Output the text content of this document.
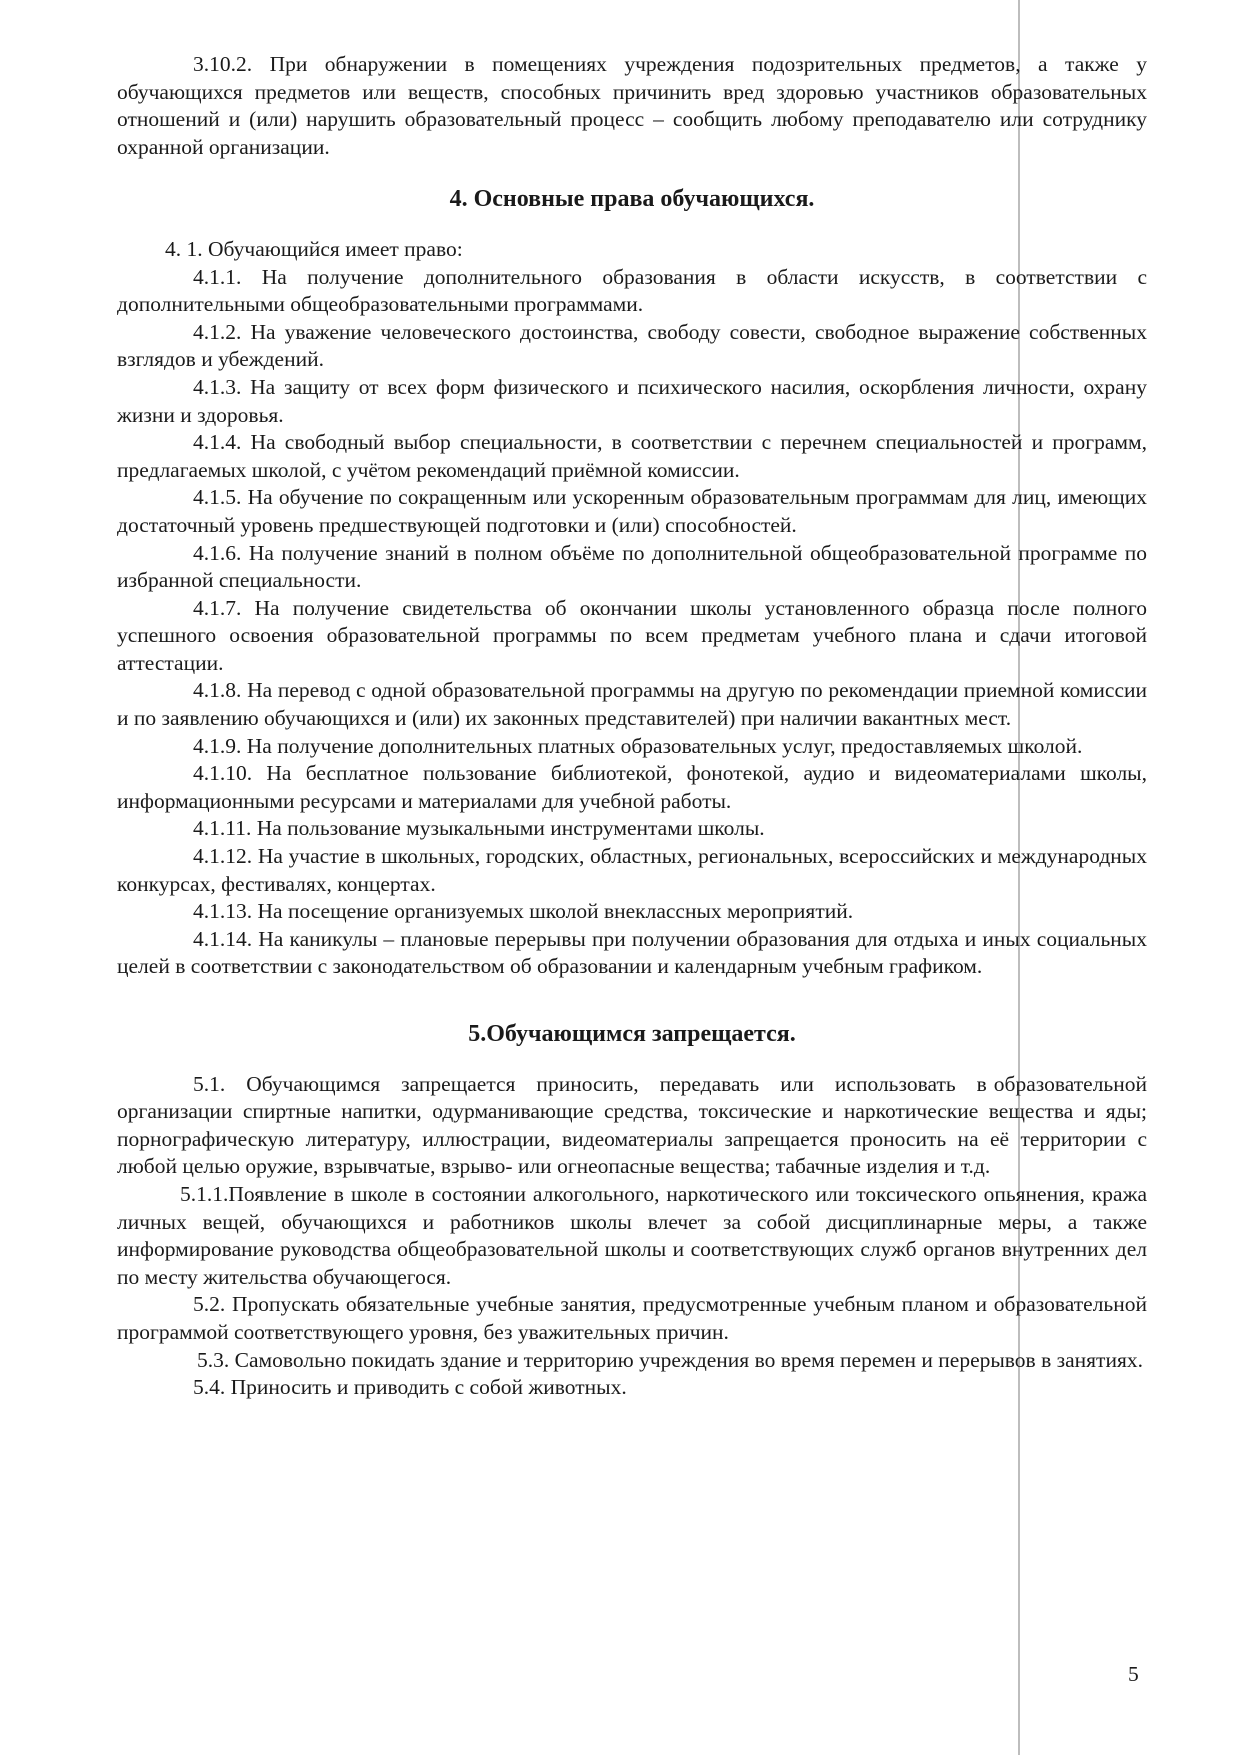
3.10.2. При обнаружении в помещениях учреждения подозрительных предметов, а также у обучающихся предметов или веществ, способных причинить вред здоровью участников образовательных отношений и (или) нарушить образовательный процесс – сообщить любому преподавателю или сотруднику охранной организации.

4. Основные права обучающихся.

4. 1. Обучающийся имеет право:

4.1.1. На получение дополнительного образования в области искусств, в соответствии с дополнительными общеобразовательными программами.

4.1.2. На уважение человеческого достоинства, свободу совести, свободное выражение собственных взглядов и убеждений.

4.1.3. На защиту от всех форм физического и психического насилия, оскорбления личности, охрану жизни и здоровья.

4.1.4. На свободный выбор специальности, в соответствии с перечнем специальностей и программ, предлагаемых школой, с учётом рекомендаций приёмной комиссии.

4.1.5. На обучение по сокращенным или ускоренным образовательным программам для лиц, имеющих достаточный уровень предшествующей подготовки и (или) способностей.

4.1.6. На получение знаний в полном объёме по дополнительной общеобразовательной программе по избранной специальности.

4.1.7. На получение свидетельства об окончании школы установленного образца после полного успешного освоения образовательной программы по всем предметам учебного плана и сдачи итоговой аттестации.

4.1.8. На перевод с одной образовательной программы на другую по рекомендации приемной комиссии и по заявлению обучающихся и (или) их законных представителей) при наличии вакантных мест.

4.1.9. На получение дополнительных платных образовательных услуг, предоставляемых школой.

4.1.10. На бесплатное пользование библиотекой, фонотекой, аудио и видеоматериалами школы, информационными ресурсами и материалами для учебной работы.

4.1.11. На пользование музыкальными инструментами школы.

4.1.12. На участие в школьных, городских, областных, региональных, всероссийских и международных конкурсах, фестивалях, концертах.

4.1.13. На посещение организуемых школой внеклассных мероприятий.

4.1.14. На каникулы – плановые перерывы при получении образования для отдыха и иных социальных целей в соответствии с законодательством об образовании и календарным учебным графиком.

5.Обучающимся запрещается.

5.1.   Обучающимся   запрещается   приносить,   передавать   или   использовать   в образовательной организации спиртные напитки, одурманивающие средства, токсические и наркотические вещества и яды; порнографическую литературу, иллюстрации, видеоматериалы запрещается проносить на её территории с любой целью оружие, взрывчатые, взрыво- или огнеопасные вещества; табачные изделия и т.д.

5.1.1.Появление в школе в состоянии алкогольного, наркотического или токсического опьянения, кража личных вещей, обучающихся и работников школы влечет за собой дисциплинарные меры, а также информирование руководства общеобразовательной школы и соответствующих служб органов внутренних дел по месту жительства обучающегося.

5.2. Пропускать обязательные учебные занятия, предусмотренные учебным планом и образовательной программой соответствующего уровня, без уважительных причин.

5.3. Самовольно покидать здание и территорию учреждения во время перемен и перерывов в занятиях.

5.4. Приносить и приводить с собой животных.

5
